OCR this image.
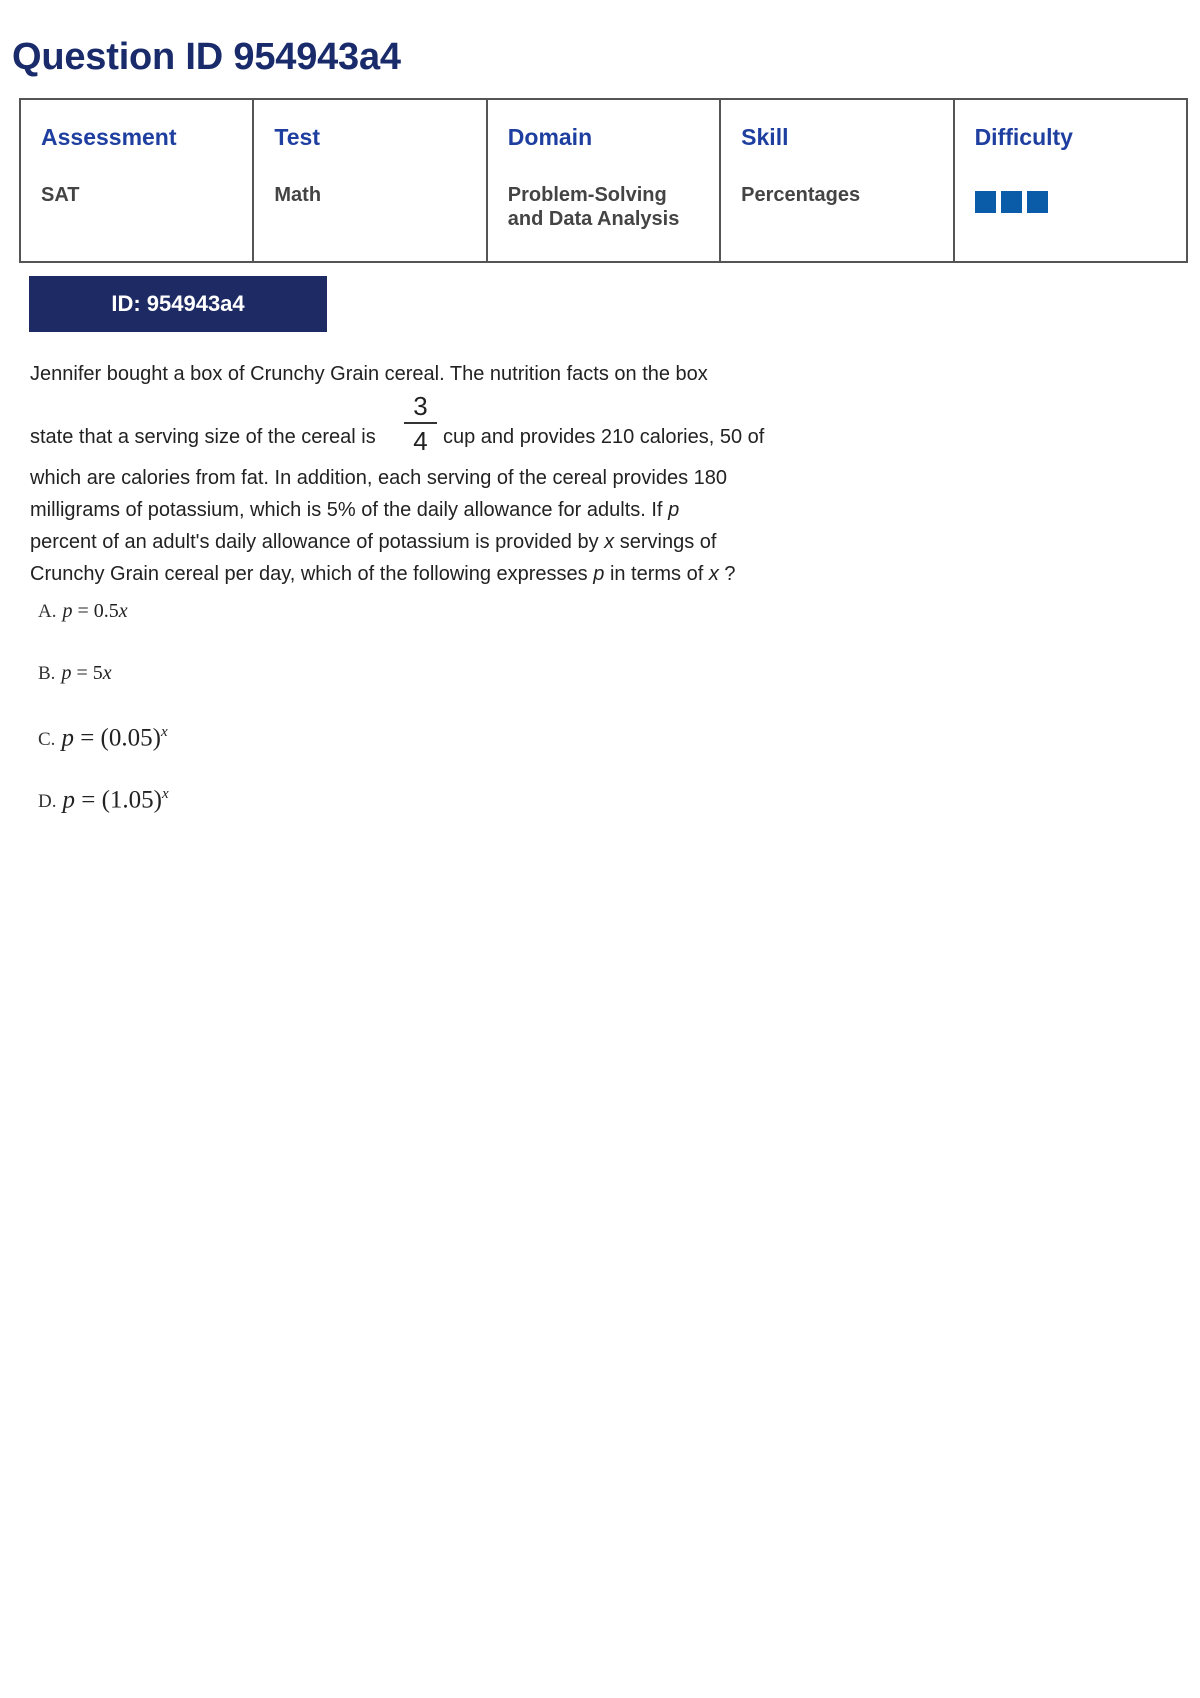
Question ID 954943a4
Assessment
SAT

Test
Math

Domain
Problem-Solving
and Data Analysis

Skill
Percentages

Difficulty
ID: 954943a4
Jennifer bought a box of Crunchy Grain cereal. The nutrition facts on the box
state that a serving size of the cereal is $\frac{3}{4}$ cup and provides 210 calories, 50 of
which are calories from fat. In addition, each serving of the cereal provides 180
milligrams of potassium, which is 5% of the daily allowance for adults. If p
percent of an adult's daily allowance of potassium is provided by x servings of
Crunchy Grain cereal per day, which of the following expresses p in terms of x ?
A. p = 0.5x
B. p = 5x
C. $p = (0.05)^x$
D. $p = (1.05)^x$
